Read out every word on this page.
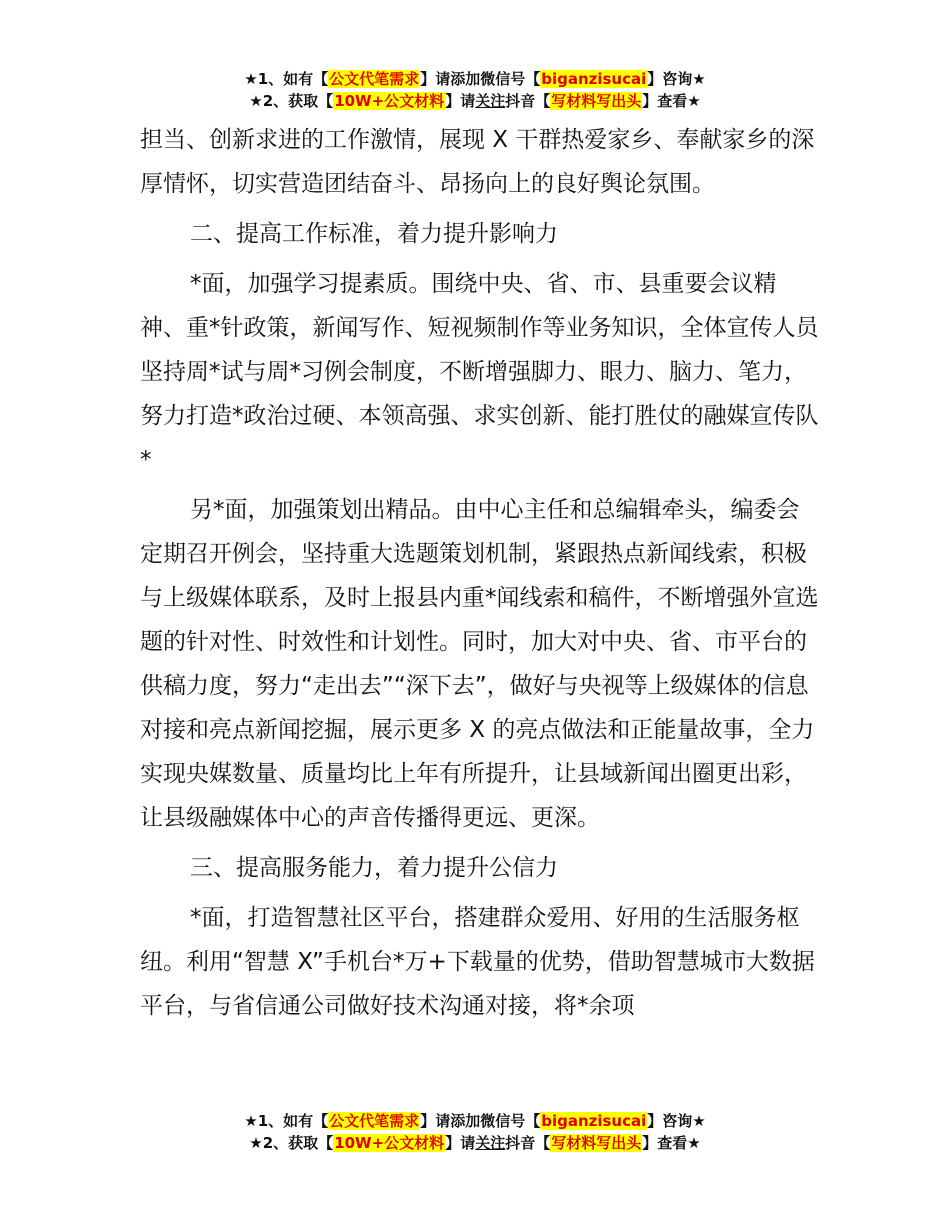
★1、如有【公文代笔需求】请添加微信号【biganzisucai】咨询★
★2、获取【10W+公文材料】请关注抖音【写材料写出头】查看★

担当、创新求进的工作激情，展现 X 干群热爱家乡、奉献家乡的深厚情怀，切实营造团结奋斗、昂扬向上的良好舆论氛围。

二、提高工作标准，着力提升影响力

*面，加强学习提素质。围绕中央、省、市、县重要会议精神、重*针政策，新闻写作、短视频制作等业务知识，全体宣传人员坚持周*试与周*习例会制度，不断增强脚力、眼力、脑力、笔力，努力打造*政治过硬、本领高强、求实创新、能打胜仗的融媒宣传队*

另*面，加强策划出精品。由中心主任和总编辑牵头，编委会定期召开例会，坚持重大选题策划机制，紧跟热点新闻线索，积极与上级媒体联系，及时上报县内重*闻线索和稿件，不断增强外宣选题的针对性、时效性和计划性。同时，加大对中央、省、市平台的供稿力度，努力“走出去”“深下去”，做好与央视等上级媒体的信息对接和亮点新闻挖掘，展示更多 X 的亮点做法和正能量故事，全力实现央媒数量、质量均比上年有所提升，让县域新闻出圈更出彩，让县级融媒体中心的声音传播得更远、更深。

三、提高服务能力，着力提升公信力

*面，打造智慧社区平台，搭建群众爱用、好用的生活服务枢纽。利用“智慧 X”手机台*万+下载量的优势，借助智慧城市大数据平台，与省信通公司做好技术沟通对接，将*余项

★1、如有【公文代笔需求】请添加微信号【biganzisucai】咨询★
★2、获取【10W+公文材料】请关注抖音【写材料写出头】查看★
